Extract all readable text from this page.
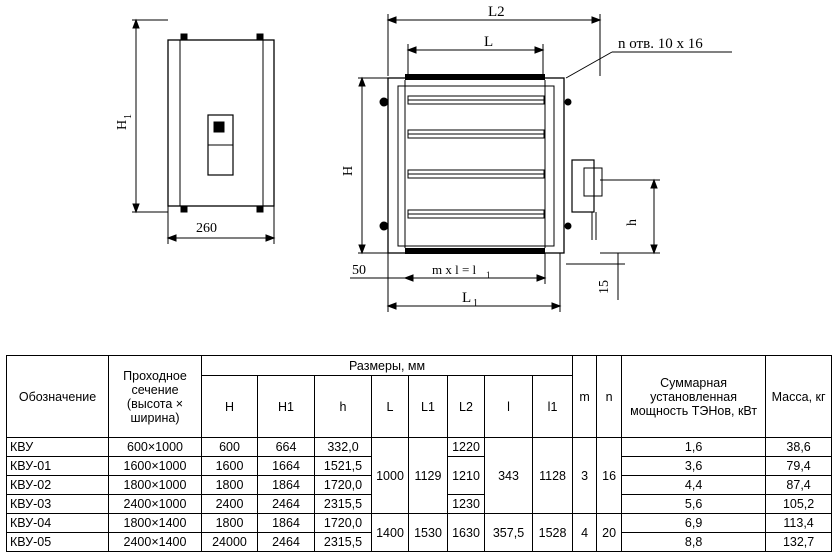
260
H
1
L2
L	n отв. 10 x 16
H
h
50	m x l = l 1
L 1
15
Обозначение	Проходное сечение (высота × ширина)	Размеры, мм								m	n	Суммарная установленная мощность ТЭНов, кВт	Масса, кг
		H	H1	h	L	L1	L2	l	l1				
КВУ	600×1000	600	664	332,0	1000	1129	1220	343	1128	3	16	1,6	38,6
КВУ-01	1600×1000	1600	1664	1521,5			1210					3,6	79,4
КВУ-02	1800×1000	1800	1864	1720,0								4,4	87,4
КВУ-03	2400×1000	2400	2464	2315,5			1230					5,6	105,2
КВУ-04	1800×1400	1800	1864	1720,0	1400	1530	1630	357,5	1528	4	20	6,9	113,4
КВУ-05	2400×1400	24000	2464	2315,5								8,8	132,7
